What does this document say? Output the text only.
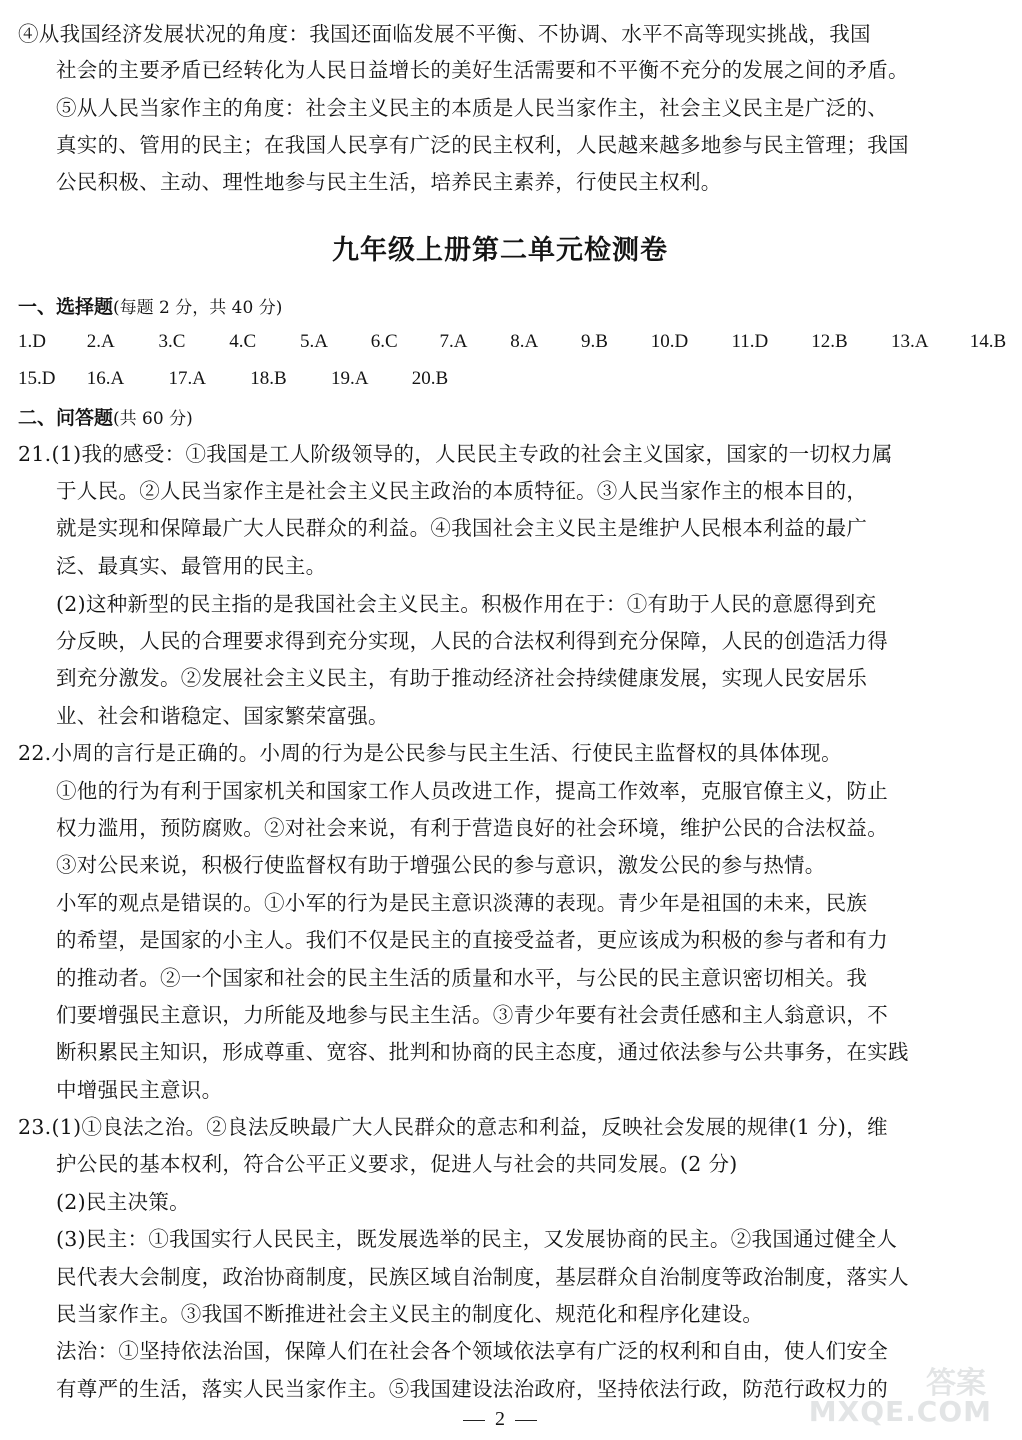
④从我国经济发展状况的角度：我国还面临发展不平衡、不协调、水平不高等现实挑战，我国
社会的主要矛盾已经转化为人民日益增长的美好生活需要和不平衡不充分的发展之间的矛盾。
⑤从人民当家作主的角度：社会主义民主的本质是人民当家作主，社会主义民主是广泛的、
真实的、管用的民主；在我国人民享有广泛的民主权利，人民越来越多地参与民主管理；我国
公民积极、主动、理性地参与民主生活，培养民主素养，行使民主权利。
九年级上册第二单元检测卷
一、选择题(每题 2 分，共 40 分)
1.D 2.A 3.C 4.C 5.A 6.C 7.A 8.A 9.B 10.D 11.D 12.B 13.A 14.B
15.D 16.A 17.A 18.B 19.A 20.B
二、问答题(共 60 分)
21.(1)我的感受：①我国是工人阶级领导的，人民民主专政的社会主义国家，国家的一切权力属
于人民。②人民当家作主是社会主义民主政治的本质特征。③人民当家作主的根本目的，
就是实现和保障最广大人民群众的利益。④我国社会主义民主是维护人民根本利益的最广
泛、最真实、最管用的民主。
(2)这种新型的民主指的是我国社会主义民主。积极作用在于：①有助于人民的意愿得到充
分反映，人民的合理要求得到充分实现，人民的合法权利得到充分保障，人民的创造活力得
到充分激发。②发展社会主义民主，有助于推动经济社会持续健康发展，实现人民安居乐
业、社会和谐稳定、国家繁荣富强。
22.小周的言行是正确的。小周的行为是公民参与民主生活、行使民主监督权的具体体现。
①他的行为有利于国家机关和国家工作人员改进工作，提高工作效率，克服官僚主义，防止
权力滥用，预防腐败。②对社会来说，有利于营造良好的社会环境，维护公民的合法权益。
③对公民来说，积极行使监督权有助于增强公民的参与意识，激发公民的参与热情。
小军的观点是错误的。①小军的行为是民主意识淡薄的表现。青少年是祖国的未来，民族
的希望，是国家的小主人。我们不仅是民主的直接受益者，更应该成为积极的参与者和有力
的推动者。②一个国家和社会的民主生活的质量和水平，与公民的民主意识密切相关。我
们要增强民主意识，力所能及地参与民主生活。③青少年要有社会责任感和主人翁意识，不
断积累民主知识，形成尊重、宽容、批判和协商的民主态度，通过依法参与公共事务，在实践
中增强民主意识。
23.(1)①良法之治。②良法反映最广大人民群众的意志和利益，反映社会发展的规律(1 分)，维
护公民的基本权利，符合公平正义要求，促进人与社会的共同发展。(2 分)
(2)民主决策。
(3)民主：①我国实行人民民主，既发展选举的民主，又发展协商的民主。②我国通过健全人
民代表大会制度，政治协商制度，民族区域自治制度，基层群众自治制度等政治制度，落实人
民当家作主。③我国不断推进社会主义民主的制度化、规范化和程序化建设。
法治：①坚持依法治国，保障人们在社会各个领域依法享有广泛的权利和自由，使人们安全
有尊严的生活，落实人民当家作主。⑤我国建设法治政府，坚持依法行政，防范行政权力的
2
答案
MXQE.COM
